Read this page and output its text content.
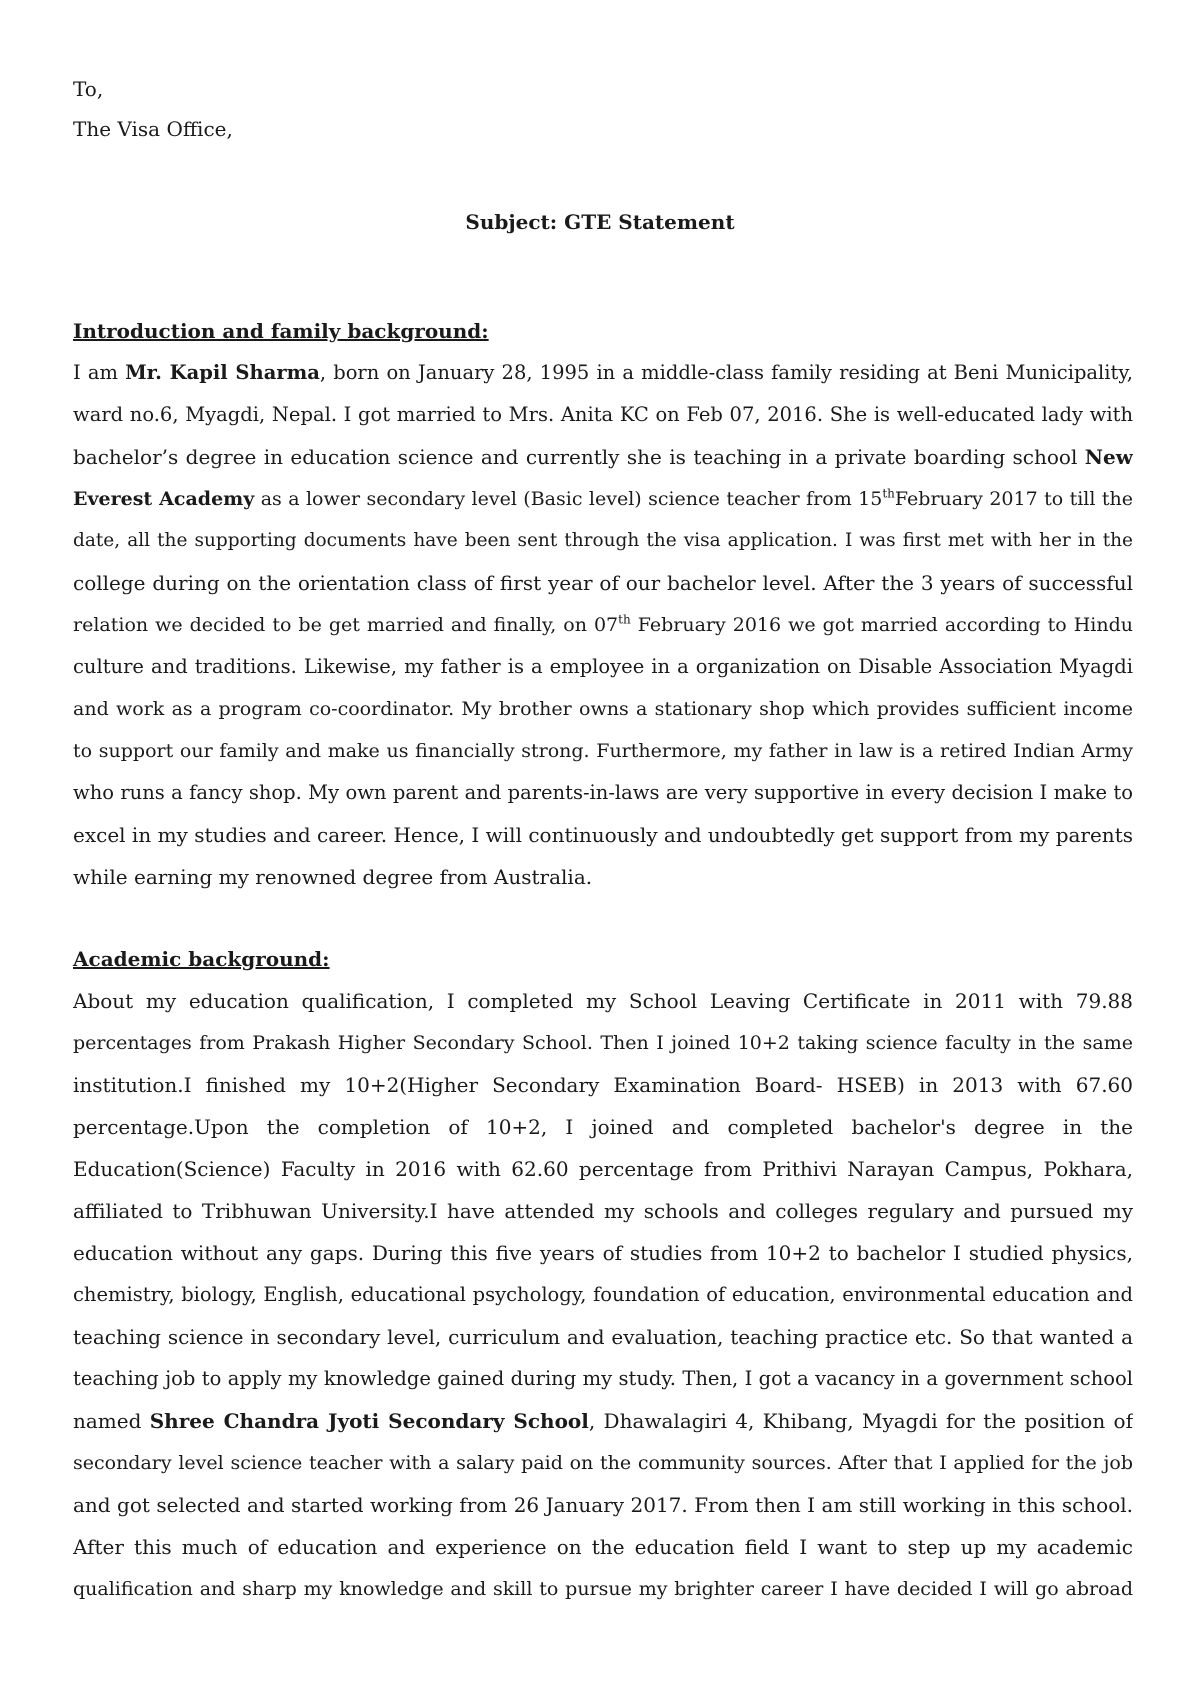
To,
The Visa Office,
Subject: GTE Statement
Introduction and family background:
I am Mr. Kapil Sharma, born on January 28, 1995 in a middle-class family residing at Beni Municipality,
ward no.6, Myagdi, Nepal. I got married to Mrs. Anita KC on Feb 07, 2016. She is well-educated lady with
bachelor’s degree in education science and currently she is teaching in a private boarding school New
Everest Academy as a lower secondary level (Basic level) science teacher from 15thFebruary 2017 to till the
date, all the supporting documents have been sent through the visa application. I was first met with her in the
college during on the orientation class of first year of our bachelor level. After the 3 years of successful
relation we decided to be get married and finally, on 07th February 2016 we got married according to Hindu
culture and traditions. Likewise, my father is a employee in a organization on Disable Association Myagdi
and work as a program co-coordinator. My brother owns a stationary shop which provides sufficient income
to support our family and make us financially strong. Furthermore, my father in law is a retired Indian Army
who runs a fancy shop. My own parent and parents-in-laws are very supportive in every decision I make to
excel in my studies and career. Hence, I will continuously and undoubtedly get support from my parents
while earning my renowned degree from Australia.
Academic background:
About my education qualification, I completed my School Leaving Certificate in 2011 with 79.88
percentages from Prakash Higher Secondary School. Then I joined 10+2 taking science faculty in the same
institution.I finished my 10+2(Higher Secondary Examination Board- HSEB) in 2013 with 67.60
percentage.Upon the completion of 10+2, I joined and completed bachelor's degree in the
Education(Science) Faculty in 2016 with 62.60 percentage from Prithivi Narayan Campus, Pokhara,
affiliated to Tribhuwan University.I have attended my schools and colleges regulary and pursued my
education without any gaps. During this five years of studies from 10+2 to bachelor I studied physics,
chemistry, biology, English, educational psychology, foundation of education, environmental education and
teaching science in secondary level, curriculum and evaluation, teaching practice etc. So that wanted a
teaching job to apply my knowledge gained during my study. Then, I got a vacancy in a government school
named Shree Chandra Jyoti Secondary School, Dhawalagiri 4, Khibang, Myagdi for the position of
secondary level science teacher with a salary paid on the community sources. After that I applied for the job
and got selected and started working from 26 January 2017. From then I am still working in this school.
After this much of education and experience on the education field I want to step up my academic
qualification and sharp my knowledge and skill to pursue my brighter career I have decided I will go abroad
